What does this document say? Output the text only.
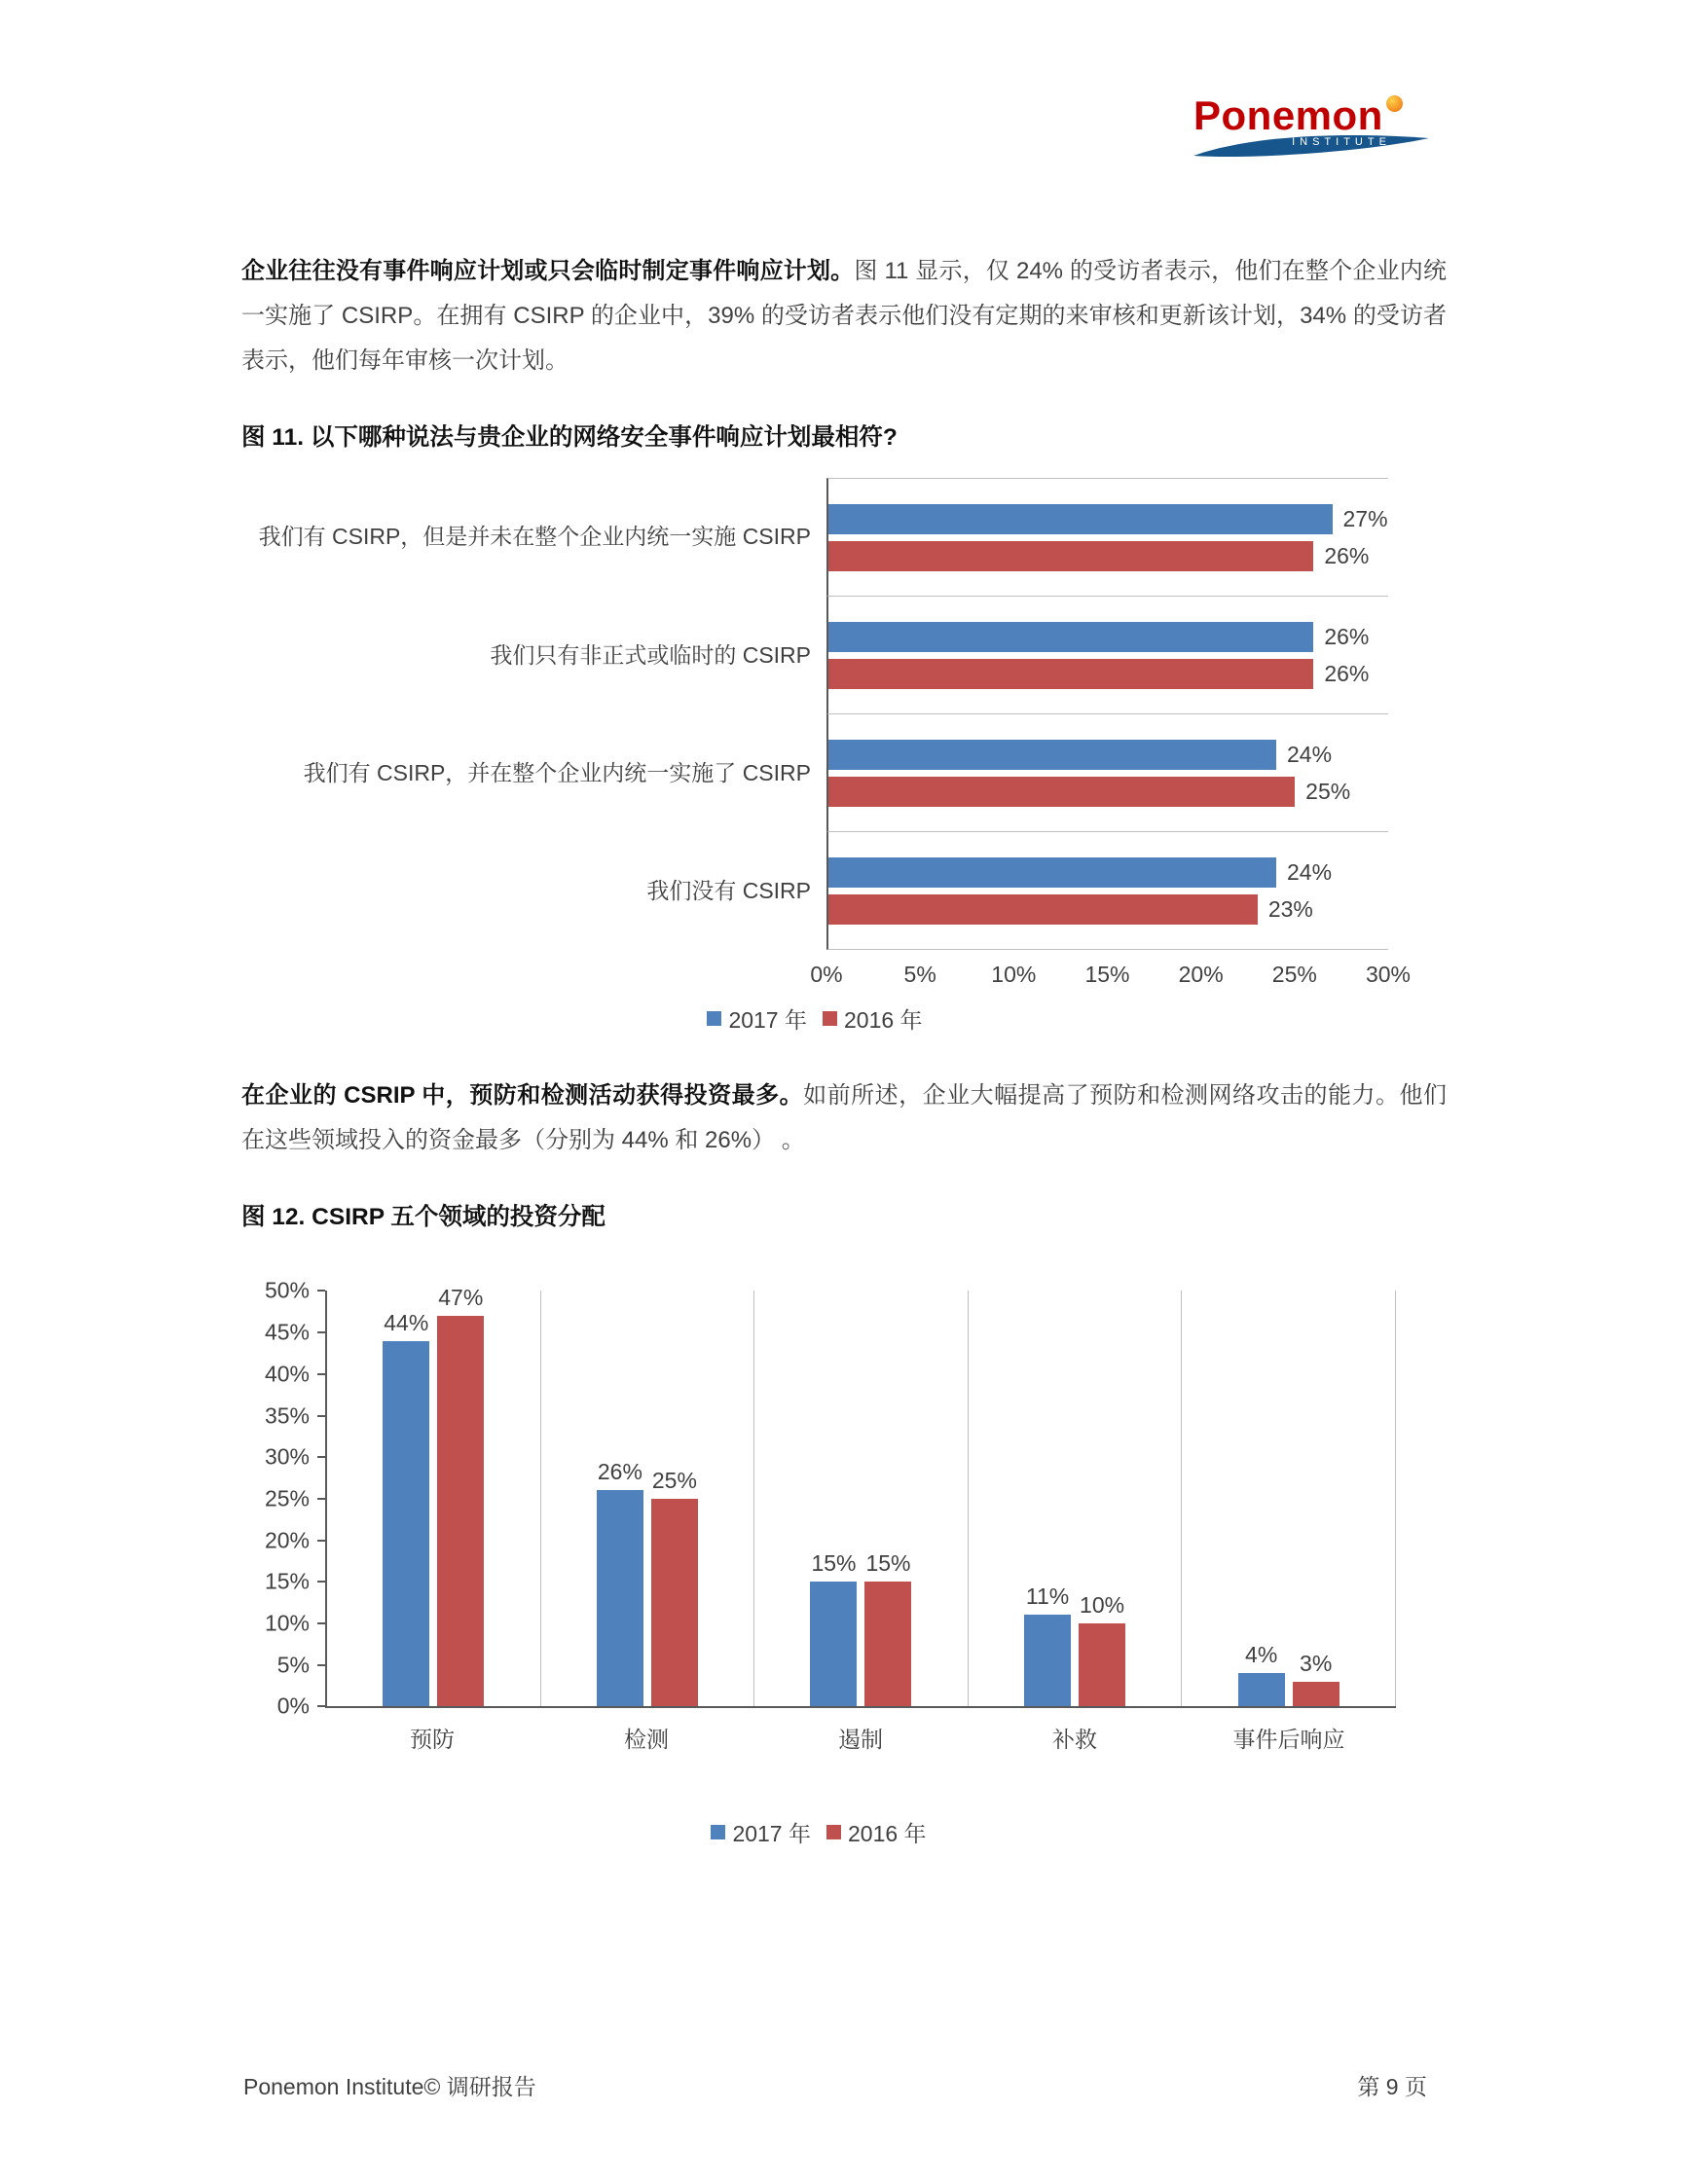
Ponemon
INSTITUTE

企业往往没有事件响应计划或只会临时制定事件响应计划。图 11 显示，仅 24% 的受访者表示，他们在整个企业内统一实施了 CSIRP。在拥有 CSIRP 的企业中，39% 的受访者表示他们没有定期的来审核和更新该计划，34% 的受访者表示，他们每年审核一次计划。

图 11. 以下哪种说法与贵企业的网络安全事件响应计划最相符?
我们有 CSIRP，但是并未在整个企业内统一实施 CSIRP
27%
26%
我们只有非正式或临时的 CSIRP
26%
26%
我们有 CSIRP，并在整个企业内统一实施了 CSIRP
24%
25%
我们没有 CSIRP
24%
23%
0%	5% 10% 15% 20% 25% 30%
2017 年 2016 年

在企业的 CSRIP 中，预防和检测活动获得投资最多。如前所述，企业大幅提高了预防和检测网络攻击的能力。他们在这些领域投入的资金最多（分别为 44% 和 26%） 。

图 12. CSIRP 五个领域的投资分配
0%
5%
10%
15%
20%
25%
30%
35%
40%
45%
50%
44%
47%
26% 25%
15% 15%
11% 10%
4% 3%
预防	检测	遏制	补救	事件后响应
2017 年 2016 年
Ponemon Institute© 调研报告	第 9 页
